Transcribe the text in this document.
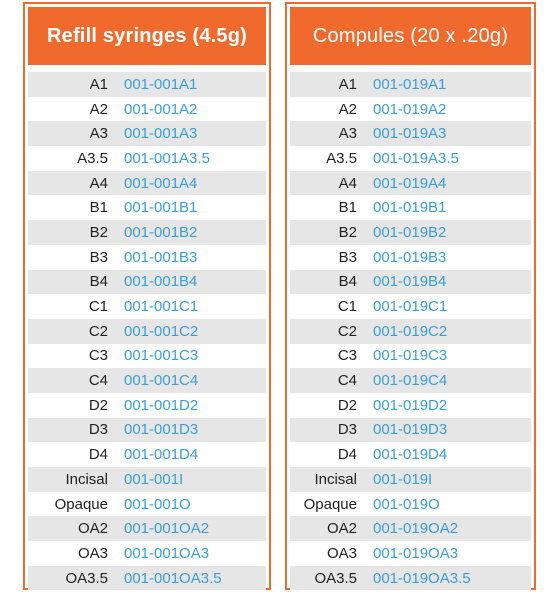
Refill syringes (4.5g)
A1	001-001A1
A2	001-001A2
A3	001-001A3
A3.5	001-001A3.5
A4	001-001A4
B1	001-001B1
B2	001-001B2
B3	001-001B3
B4	001-001B4
C1	001-001C1
C2	001-001C2
C3	001-001C3
C4	001-001C4
D2	001-001D2
D3	001-001D3
D4	001-001D4
Incisal	001-001I
Opaque	001-001O
OA2	001-001OA2
OA3	001-001OA3
OA3.5	001-001OA3.5
Compules (20 x .20g)
A1	001-019A1
A2	001-019A2
A3	001-019A3
A3.5	001-019A3.5
A4	001-019A4
B1	001-019B1
B2	001-019B2
B3	001-019B3
B4	001-019B4
C1	001-019C1
C2	001-019C2
C3	001-019C3
C4	001-019C4
D2	001-019D2
D3	001-019D3
D4	001-019D4
Incisal	001-019I
Opaque	001-019O
OA2	001-019OA2
OA3	001-019OA3
OA3.5	001-019OA3.5
